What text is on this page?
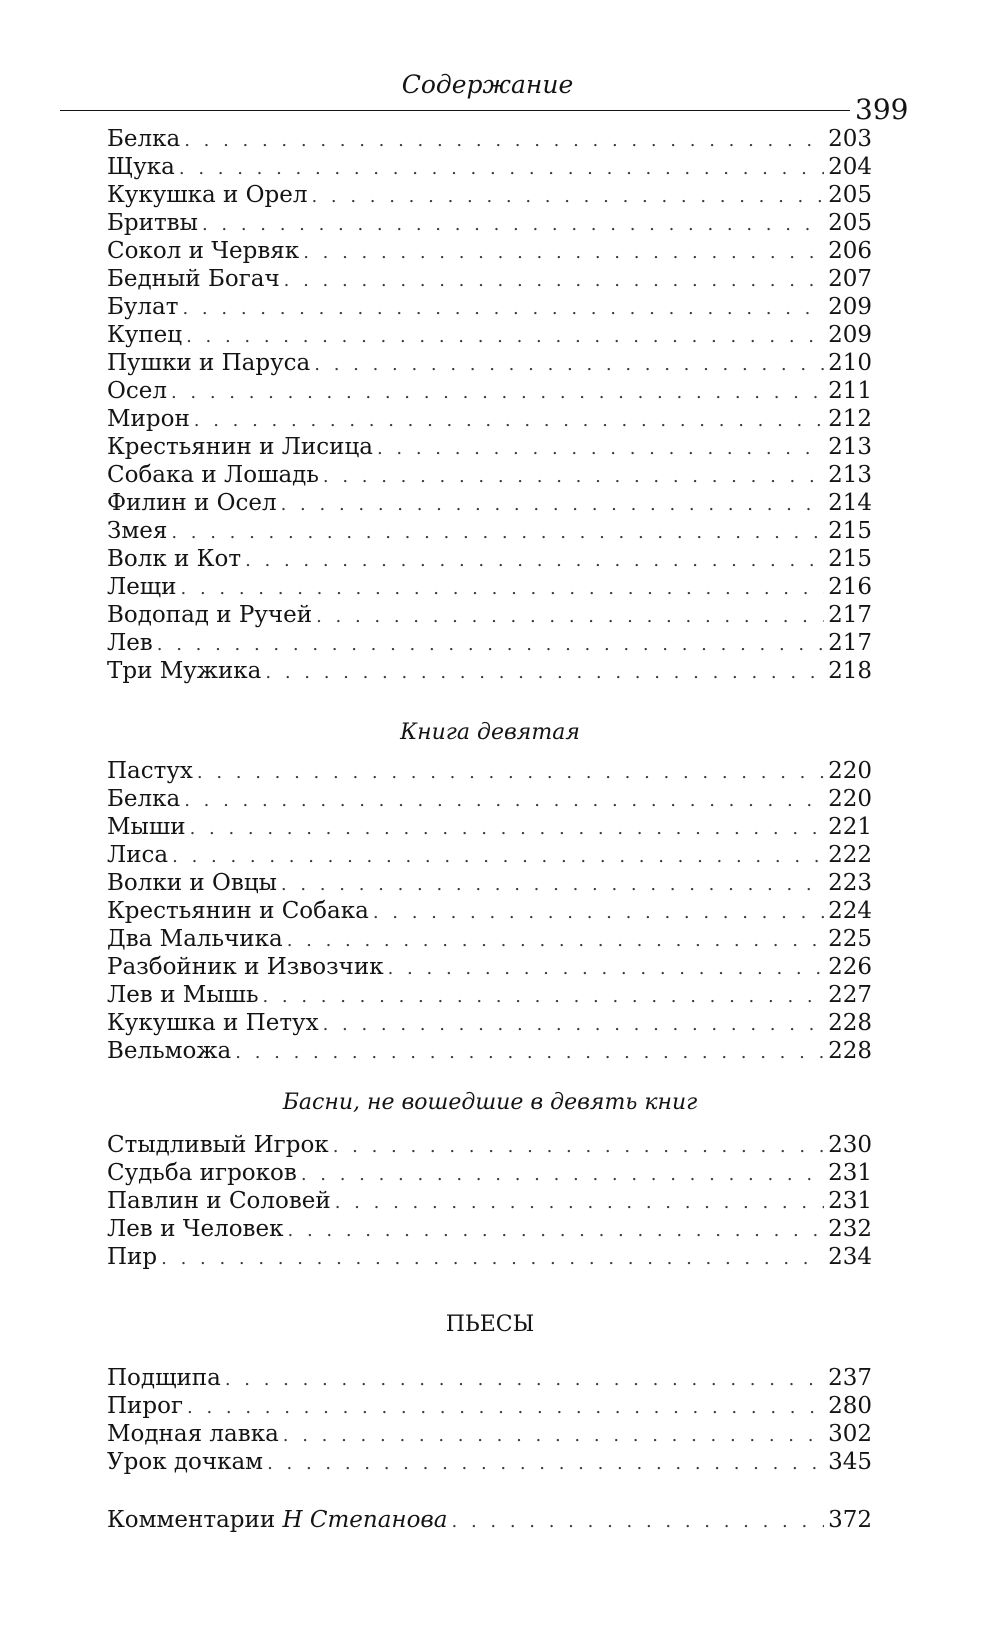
Содержание
399
Белка . . .	203
Щука . . .	204
Кукушка и Орел . . .	205
Бритвы . . .	205
Сокол и Червяк . . .	206
Бедный Богач . . .	207
Булат . . .	209
Купец . . .	209
Пушки и Паруса . . .	210
Осел . . .	211
Мирон . . .	212
Крестьянин и Лисица . . .	213
Собака и Лошадь . . .	213
Филин и Осел . . .	214
Змея . . .	215
Волк и Кот . . .	215
Лещи . . .	216
Водопад и Ручей . . .	217
Лев . . .	217
Три Мужика . . .	218
Книга девятая
Пастух . . .	220
Белка . . .	220
Мыши . . .	221
Лиса . . .	222
Волки и Овцы . . .	223
Крестьянин и Собака . . .	224
Два Мальчика . . .	225
Разбойник и Извозчик . . .	226
Лев и Мышь . . .	227
Кукушка и Петух . . .	228
Вельможа . . .	228
Басни, не вошедшие в девять книг
Стыдливый Игрок . . .	230
Судьба игроков . . .	231
Павлин и Соловей . . .	231
Лев и Человек . . .	232
Пир . . .	234
ПЬЕСЫ
Подщипа . . .	237
Пирог . . .	280
Модная лавка . . .	302
Урок дочкам . . .	345
Комментарии Н Степанова . . .	372
